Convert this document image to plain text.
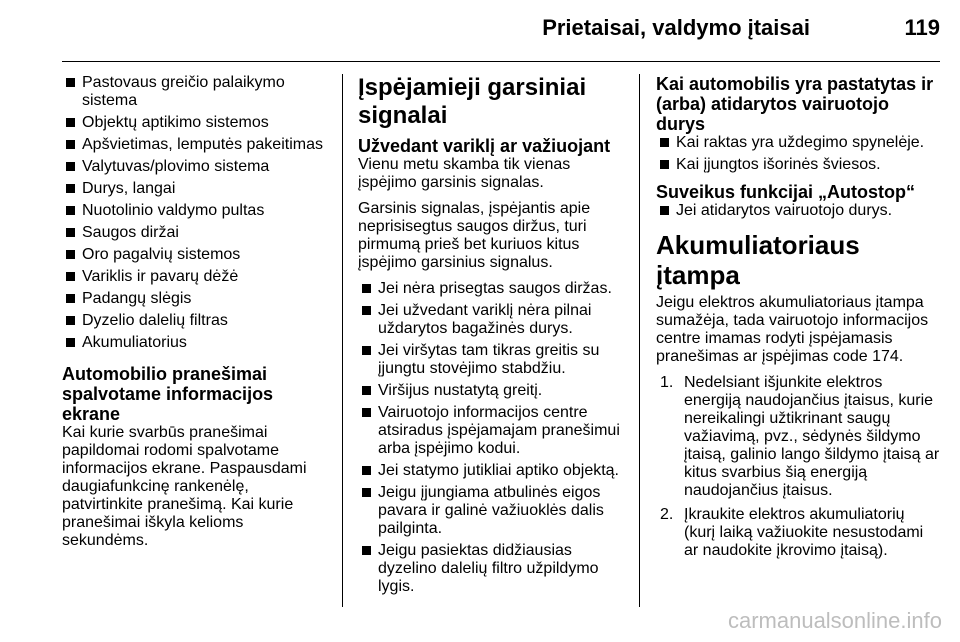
Prietaisai, valdymo įtaisai	119
Pastovaus greičio palaikymo sistema
Objektų aptikimo sistemos
Apšvietimas, lemputės pakeitimas
Valytuvas/plovimo sistema
Durys, langai
Nuotolinio valdymo pultas
Saugos diržai
Oro pagalvių sistemos
Variklis ir pavarų dėžė
Padangų slėgis
Dyzelio dalelių filtras
Akumuliatorius
Automobilio pranešimai spalvotame informacijos ekrane

Kai kurie svarbūs pranešimai papildomai rodomi spalvotame informacijos ekrane. Paspausdami daugiafunkcinę rankenėlę, patvirtinkite pranešimą. Kai kurie pranešimai iškyla kelioms sekundėms.

Įspėjamieji garsiniai signalai
Užvedant variklį ar važiuojant

Vienu metu skamba tik vienas įspėjimo garsinis signalas.

Garsinis signalas, įspėjantis apie neprisisegtus saugos diržus, turi pirmumą prieš bet kuriuos kitus įspėjimo garsinius signalus.

Jei nėra prisegtas saugos diržas.
Jei užvedant variklį nėra pilnai uždarytos bagažinės durys.
Jei viršytas tam tikras greitis su įjungtu stovėjimo stabdžiu.
Viršijus nustatytą greitį.
Vairuotojo informacijos centre atsiradus įspėjamajam pranešimui arba įspėjimo kodui.
Jei statymo jutikliai aptiko objektą.
Jeigu įjungiama atbulinės eigos pavara ir galinė važiuoklės dalis pailginta.
Jeigu pasiektas didžiausias dyzelino dalelių filtro užpildymo lygis.
Kai automobilis yra pastatytas ir (arba) atidarytos vairuotojo durys
Kai raktas yra uždegimo spynelėje.
Kai įjungtos išorinės šviesos.
Suveikus funkcijai „Autostop“
Jei atidarytos vairuotojo durys.
Akumuliatoriaus įtampa

Jeigu elektros akumuliatoriaus įtampa sumažėja, tada vairuotojo informacijos centre imamas rodyti įspėjamasis pranešimas ar įspėjimas code 174.

1. Nedelsiant išjunkite elektros energiją naudojančius įtaisus, kurie nereikalingi užtikrinant saugų važiavimą, pvz., sėdynės šildymo įtaisą, galinio lango šildymo įtaisą ar kitus svarbius šią energiją naudojančius įtaisus.
2. Įkraukite elektros akumuliatorių (kurį laiką važiuokite nesustodami ar naudokite įkrovimo įtaisą).
carmanualsonline.info
